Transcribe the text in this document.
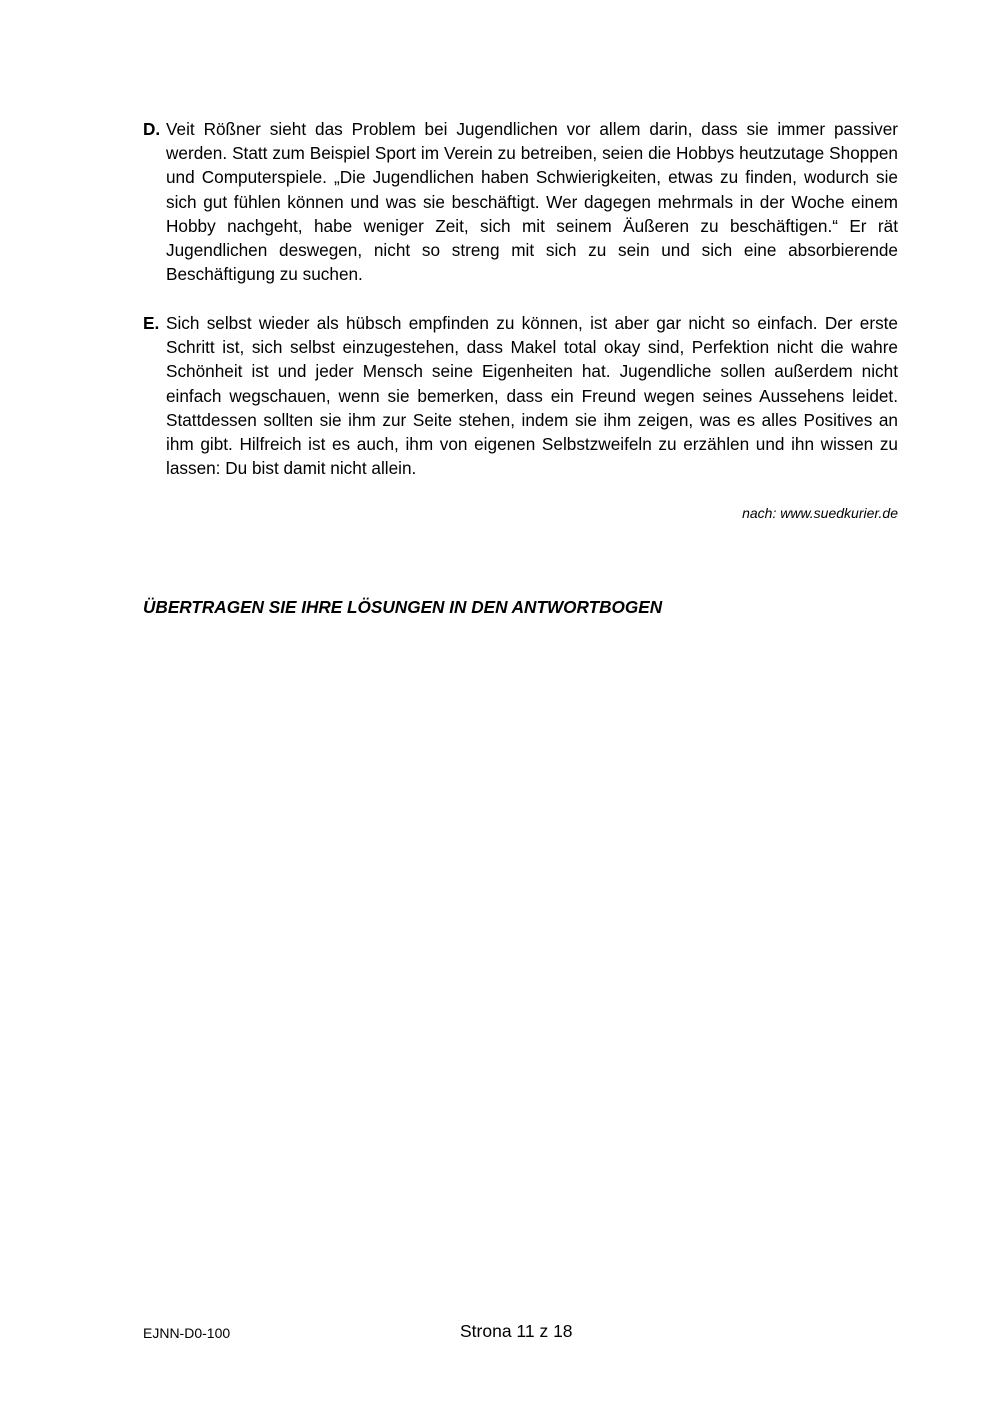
D. Veit Rößner sieht das Problem bei Jugendlichen vor allem darin, dass sie immer passiver werden. Statt zum Beispiel Sport im Verein zu betreiben, seien die Hobbys heutzutage Shoppen und Computerspiele. „Die Jugendlichen haben Schwierigkeiten, etwas zu finden, wodurch sie sich gut fühlen können und was sie beschäftigt. Wer dagegen mehrmals in der Woche einem Hobby nachgeht, habe weniger Zeit, sich mit seinem Äußeren zu beschäftigen.“ Er rät Jugendlichen deswegen, nicht so streng mit sich zu sein und sich eine absorbierende Beschäftigung zu suchen.
E. Sich selbst wieder als hübsch empfinden zu können, ist aber gar nicht so einfach. Der erste Schritt ist, sich selbst einzugestehen, dass Makel total okay sind, Perfektion nicht die wahre Schönheit ist und jeder Mensch seine Eigenheiten hat. Jugendliche sollen außerdem nicht einfach wegschauen, wenn sie bemerken, dass ein Freund wegen seines Aussehens leidet. Stattdessen sollten sie ihm zur Seite stehen, indem sie ihm zeigen, was es alles Positives an ihm gibt. Hilfreich ist es auch, ihm von eigenen Selbstzweifeln zu erzählen und ihn wissen zu lassen: Du bist damit nicht allein.
nach: www.suedkurier.de
ÜBERTRAGEN SIE IHRE LÖSUNGEN IN DEN ANTWORTBOGEN
EJNN-D0-100	Strona 11 z 18
